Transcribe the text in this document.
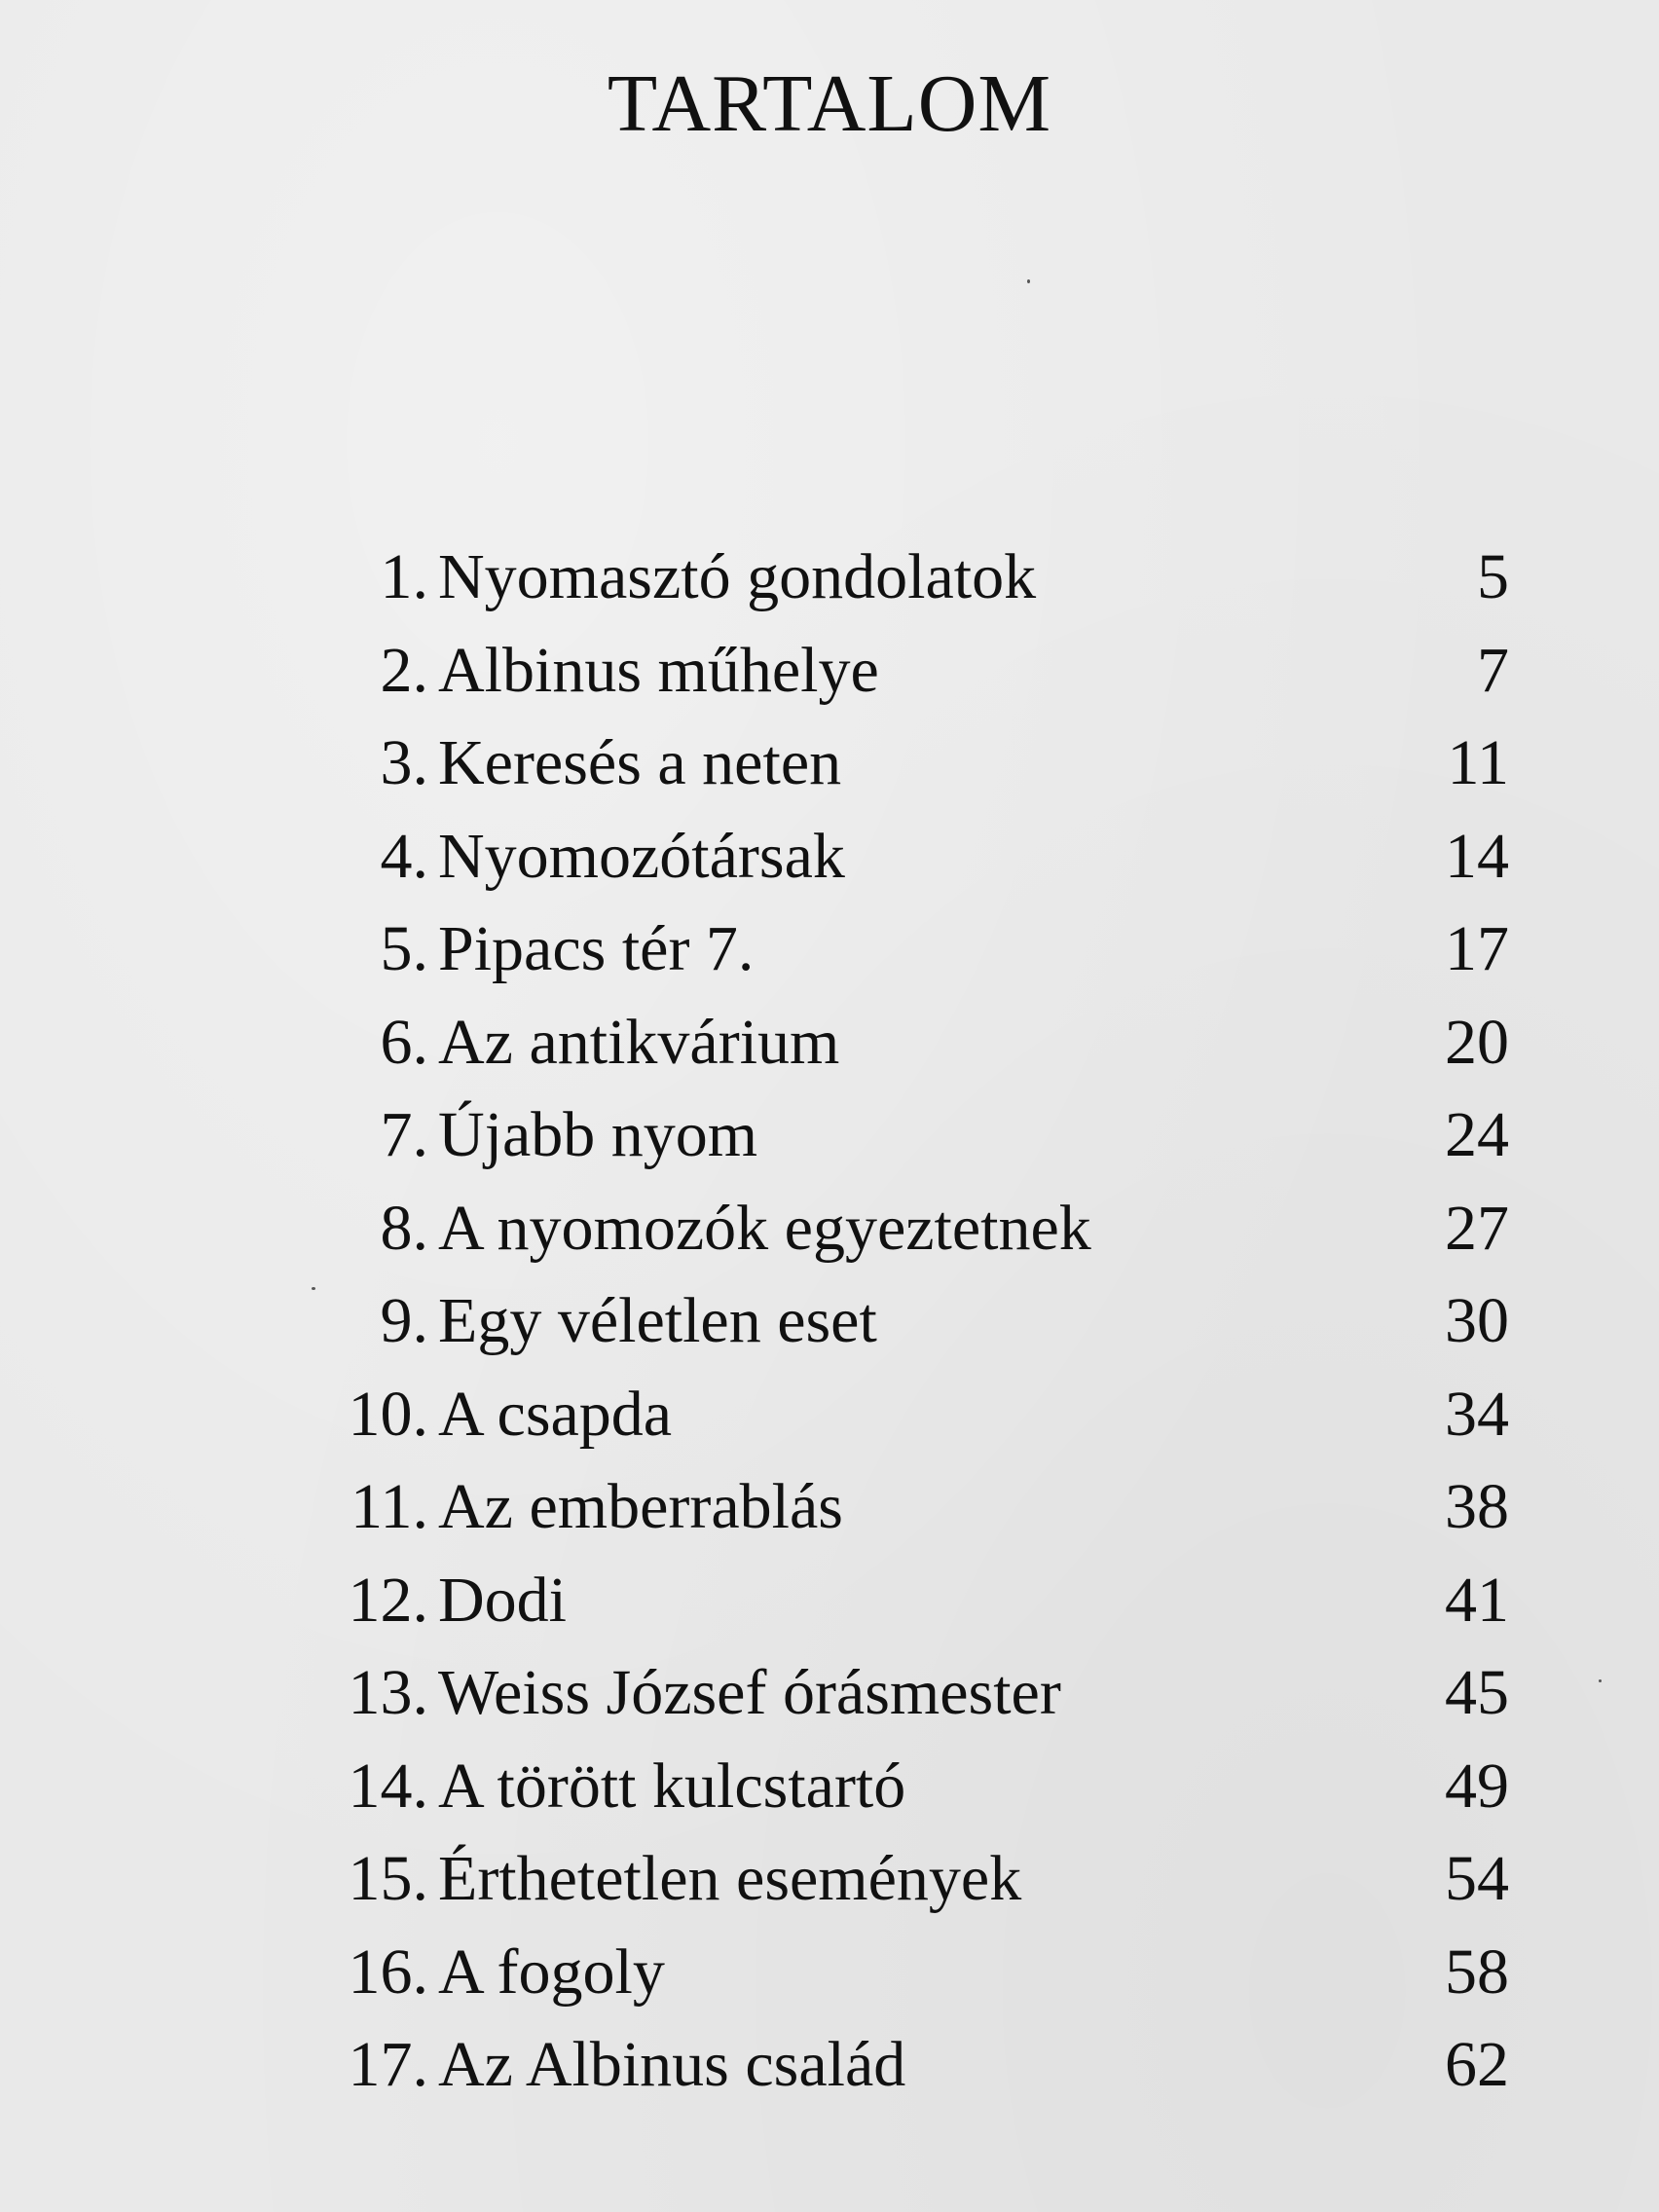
TARTALOM
1. Nyomasztó gondolatok	5
2. Albinus műhelye	7
3. Keresés a neten	11
4. Nyomozótársak	14
5. Pipacs tér 7.	17
6. Az antikvárium	20
7. Újabb nyom	24
8. A nyomozók egyeztetnek	27
9. Egy véletlen eset	30
10. A csapda	34
11. Az emberrablás	38
12. Dodi	41
13. Weiss József órásmester	45
14. A törött kulcstartó	49
15. Érthetetlen események	54
16. A fogoly	58
17. Az Albinus család	62
